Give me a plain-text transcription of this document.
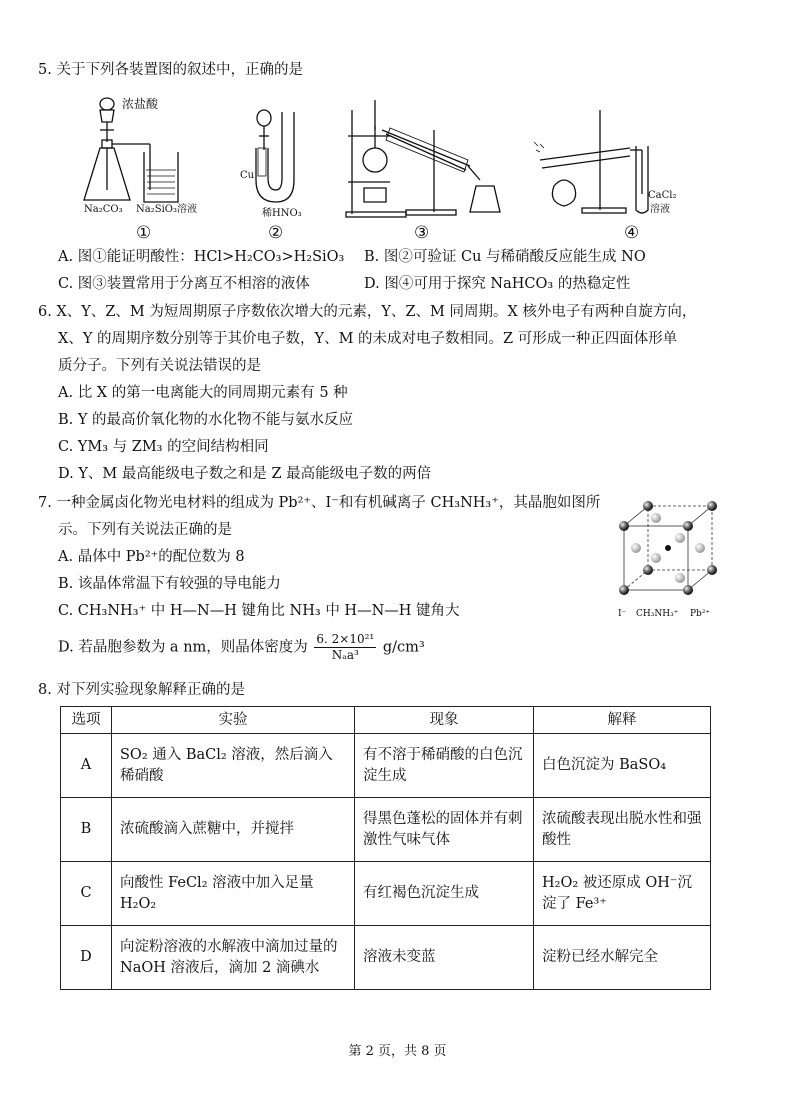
5. 关于下列各装置图的叙述中，正确的是
浓盐酸
Na₂CO₃ Na₂SiO₃溶液
Cu
稀HNO₃
CaCl₂
溶液
①	②	③	④
A. 图①能证明酸性：HCl>H₂CO₃>H₂SiO₃ B. 图②可验证 Cu 与稀硝酸反应能生成 NO
C. 图③装置常用于分离互不相溶的液体	D. 图④可用于探究 NaHCO₃ 的热稳定性
6. X、Y、Z、M 为短周期原子序数依次增大的元素，Y、Z、M 同周期。X 核外电子有两种自旋方向，
X、Y 的周期序数分别等于其价电子数，Y、M 的未成对电子数相同。Z 可形成一种正四面体形单
质分子。下列有关说法错误的是
A. 比 X 的第一电离能大的同周期元素有 5 种
B. Y 的最高价氧化物的水化物不能与氨水反应
C. YM₃ 与 ZM₃ 的空间结构相同
D. Y、M 最高能级电子数之和是 Z 最高能级电子数的两倍
7. 一种金属卤化物光电材料的组成为 Pb²⁺、I⁻和有机碱离子 CH₃NH₃⁺，其晶胞如图所
示。下列有关说法正确的是
A. 晶体中 Pb²⁺的配位数为 8
B. 该晶体常温下有较强的导电能力
C. CH₃NH₃⁺ 中 H—N—H 键角比 NH₃ 中 H—N—H 键角大
D. 若晶胞参数为 a nm，则晶体密度为 $\frac{\text{6. 2×10²¹}}{\text{Nₐa³}} g/cm^3$
I⁻ CH₃NH₃⁺ Pb²⁺
8. 对下列实验现象解释正确的是
选项	实验	现象	解释
A	SO₂ 通入 BaCl₂ 溶液，然后滴入稀硝酸	有不溶于稀硝酸的白色沉淀生成	白色沉淀为 BaSO₄
B	浓硫酸滴入蔗糖中，并搅拌	得黑色蓬松的固体并有刺激性气味气体	浓硫酸表现出脱水性和强酸性
C	向酸性 FeCl₂ 溶液中加入足量 H₂O₂	有红褐色沉淀生成	H₂O₂ 被还原成 OH⁻沉淀了 Fe³⁺
D	向淀粉溶液的水解液中滴加过量的 NaOH 溶液后，滴加 2 滴碘水	溶液未变蓝	淀粉已经水解完全
第 2 页，共 8 页
